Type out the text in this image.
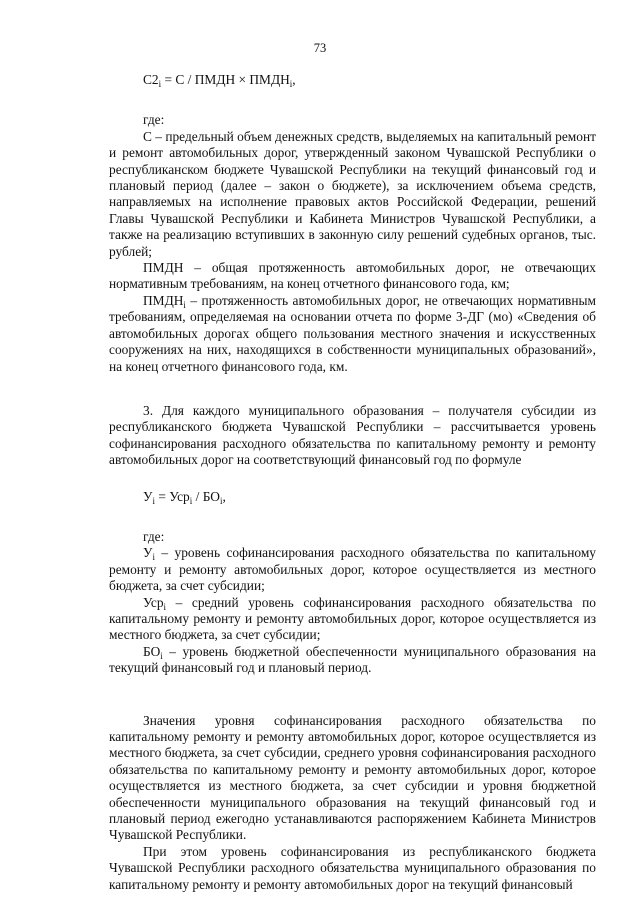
73

$С2_i = С$ / ПМДН × $ПМДН_i$,

где:

С – предельный объем денежных средств, выделяемых на капитальный ремонт и ремонт автомобильных дорог, утвержденный законом Чувашской Республики о республиканском бюджете Чувашской Республики на текущий финансовый год и плановый период (далее – закон о бюджете), за исключением объема средств, направляемых на исполнение правовых актов Российской Федерации, решений Главы Чувашской Республики и Кабинета Министров Чувашской Республики, а также на реализацию вступивших в законную силу решений судебных органов, тыс. рублей;

ПМДН – общая протяженность автомобильных дорог, не отвечающих нормативным требованиям, на конец отчетного финансового года, км;

$ПМДН_i$ – протяженность автомобильных дорог, не отвечающих нормативным требованиям, определяемая на основании отчета по форме 3-ДГ (мо) «Сведения об автомобильных дорогах общего пользования местного значения и искусственных сооружениях на них, находящихся в собственности муниципальных образований», на конец отчетного финансового года, км.

3. Для каждого муниципального образования – получателя субсидии из республиканского бюджета Чувашской Республики – рассчитывается уровень софинансирования расходного обязательства по капитальному ремонту и ремонту автомобильных дорог на соответствующий финансовый год по формуле

$У_i = Уср_i / БО_i$,

где:

$У_i$ – уровень софинансирования расходного обязательства по капитальному ремонту и ремонту автомобильных дорог, которое осуществляется из местного бюджета, за счет субсидии;

Уср$_i$ – средний уровень софинансирования расходного обязательства по капитальному ремонту и ремонту автомобильных дорог, которое осуществляется из местного бюджета, за счет субсидии;

$БО_i$ – уровень бюджетной обеспеченности муниципального образования на текущий финансовый год и плановый период.

Значения уровня софинансирования расходного обязательства по капитальному ремонту и ремонту автомобильных дорог, которое осуществляется из местного бюджета, за счет субсидии, среднего уровня софинансирования расходного обязательства по капитальному ремонту и ремонту автомобильных дорог, которое осуществляется из местного бюджета, за счет субсидии и уровня бюджетной обеспеченности муниципального образования на текущий финансовый год и плановый период ежегодно устанавливаются распоряжением Кабинета Министров Чувашской Республики.

При этом уровень софинансирования из республиканского бюджета Чувашской Республики расходного обязательства муниципального образования по капитальному ремонту и ремонту автомобильных дорог на текущий финансовый
